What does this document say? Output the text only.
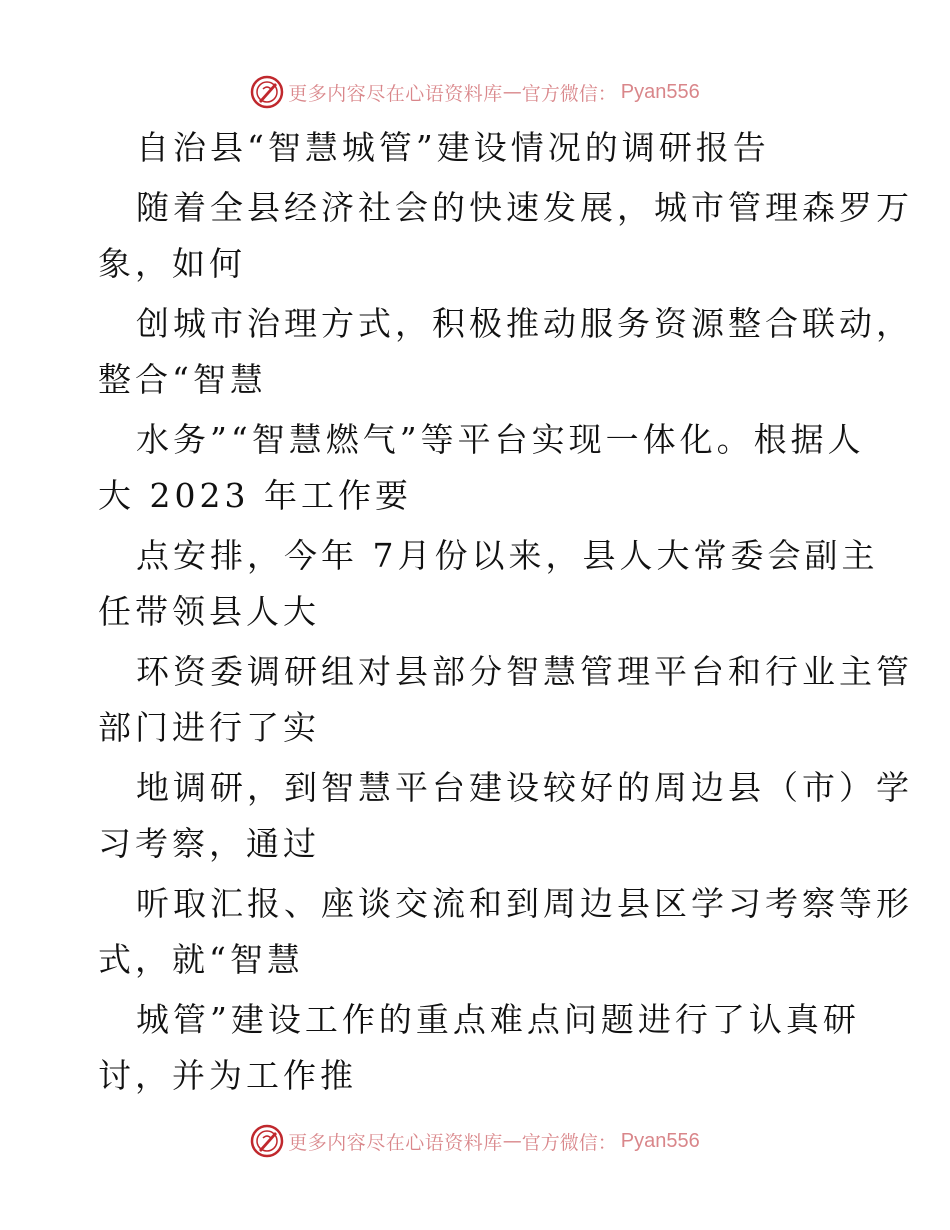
更多内容尽在心语资料库 — 官方微信 ： Pyan556
自治县“智慧城管”建设情况的调研报告
随着全县经济社会的快速发展，城市管理森罗万
象，如何
创城市治理方式，积极推动服务资源整合联动，
整合“智慧
水务”“智慧燃气”等平台实现一体化。根据人
大 2023 年工作要
点安排，今年 7月份以来，县人大常委会副主
任带领县人大
环资委调研组对县部分智慧管理平台和行业主管
部门进行了实
地调研，到智慧平台建设较好的周边县（市）学
习考察，通过
听取汇报、座谈交流和到周边县区学习考察等形
式，就“智慧
城管”建设工作的重点难点问题进行了认真研
讨，并为工作推
更多内容尽在心语资料库 — 官方微信 ： Pyan556
